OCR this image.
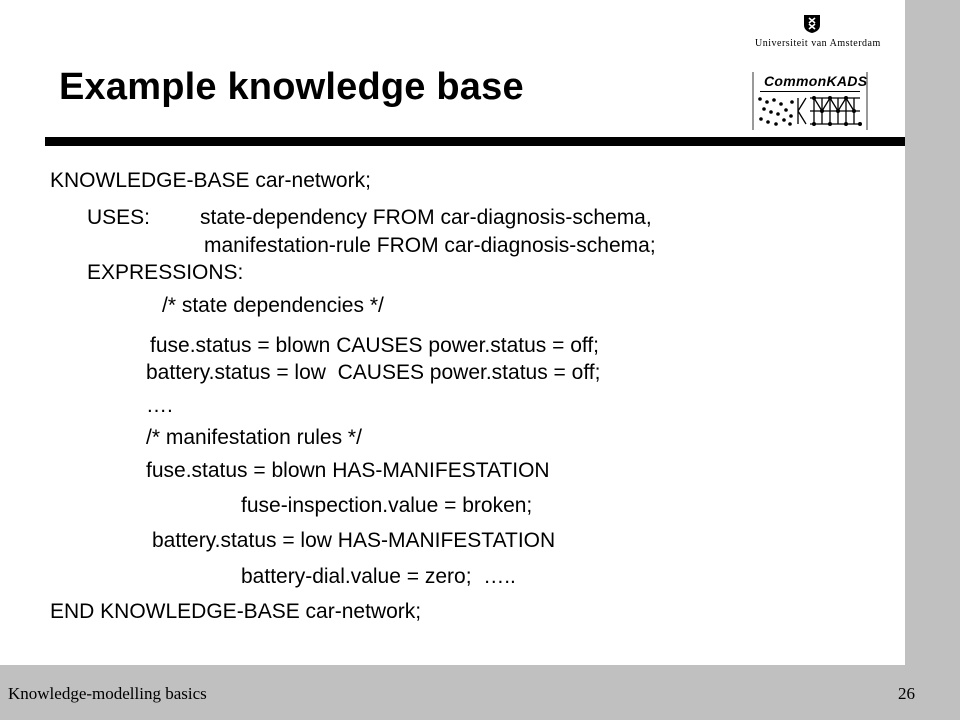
Universiteit van Amsterdam
CommonKADS
Example knowledge base
KNOWLEDGE-BASE car-network;
USES: state-dependency FROM car-diagnosis-schema,
manifestation-rule FROM car-diagnosis-schema;
EXPRESSIONS:
/* state dependencies */
fuse.status = blown CAUSES power.status = off;
battery.status = low  CAUSES power.status = off;
….
/* manifestation rules */
fuse.status = blown HAS-MANIFESTATION
fuse-inspection.value = broken;
battery.status = low HAS-MANIFESTATION
battery-dial.value = zero;  …..
END KNOWLEDGE-BASE car-network;
Knowledge-modelling basics	26
